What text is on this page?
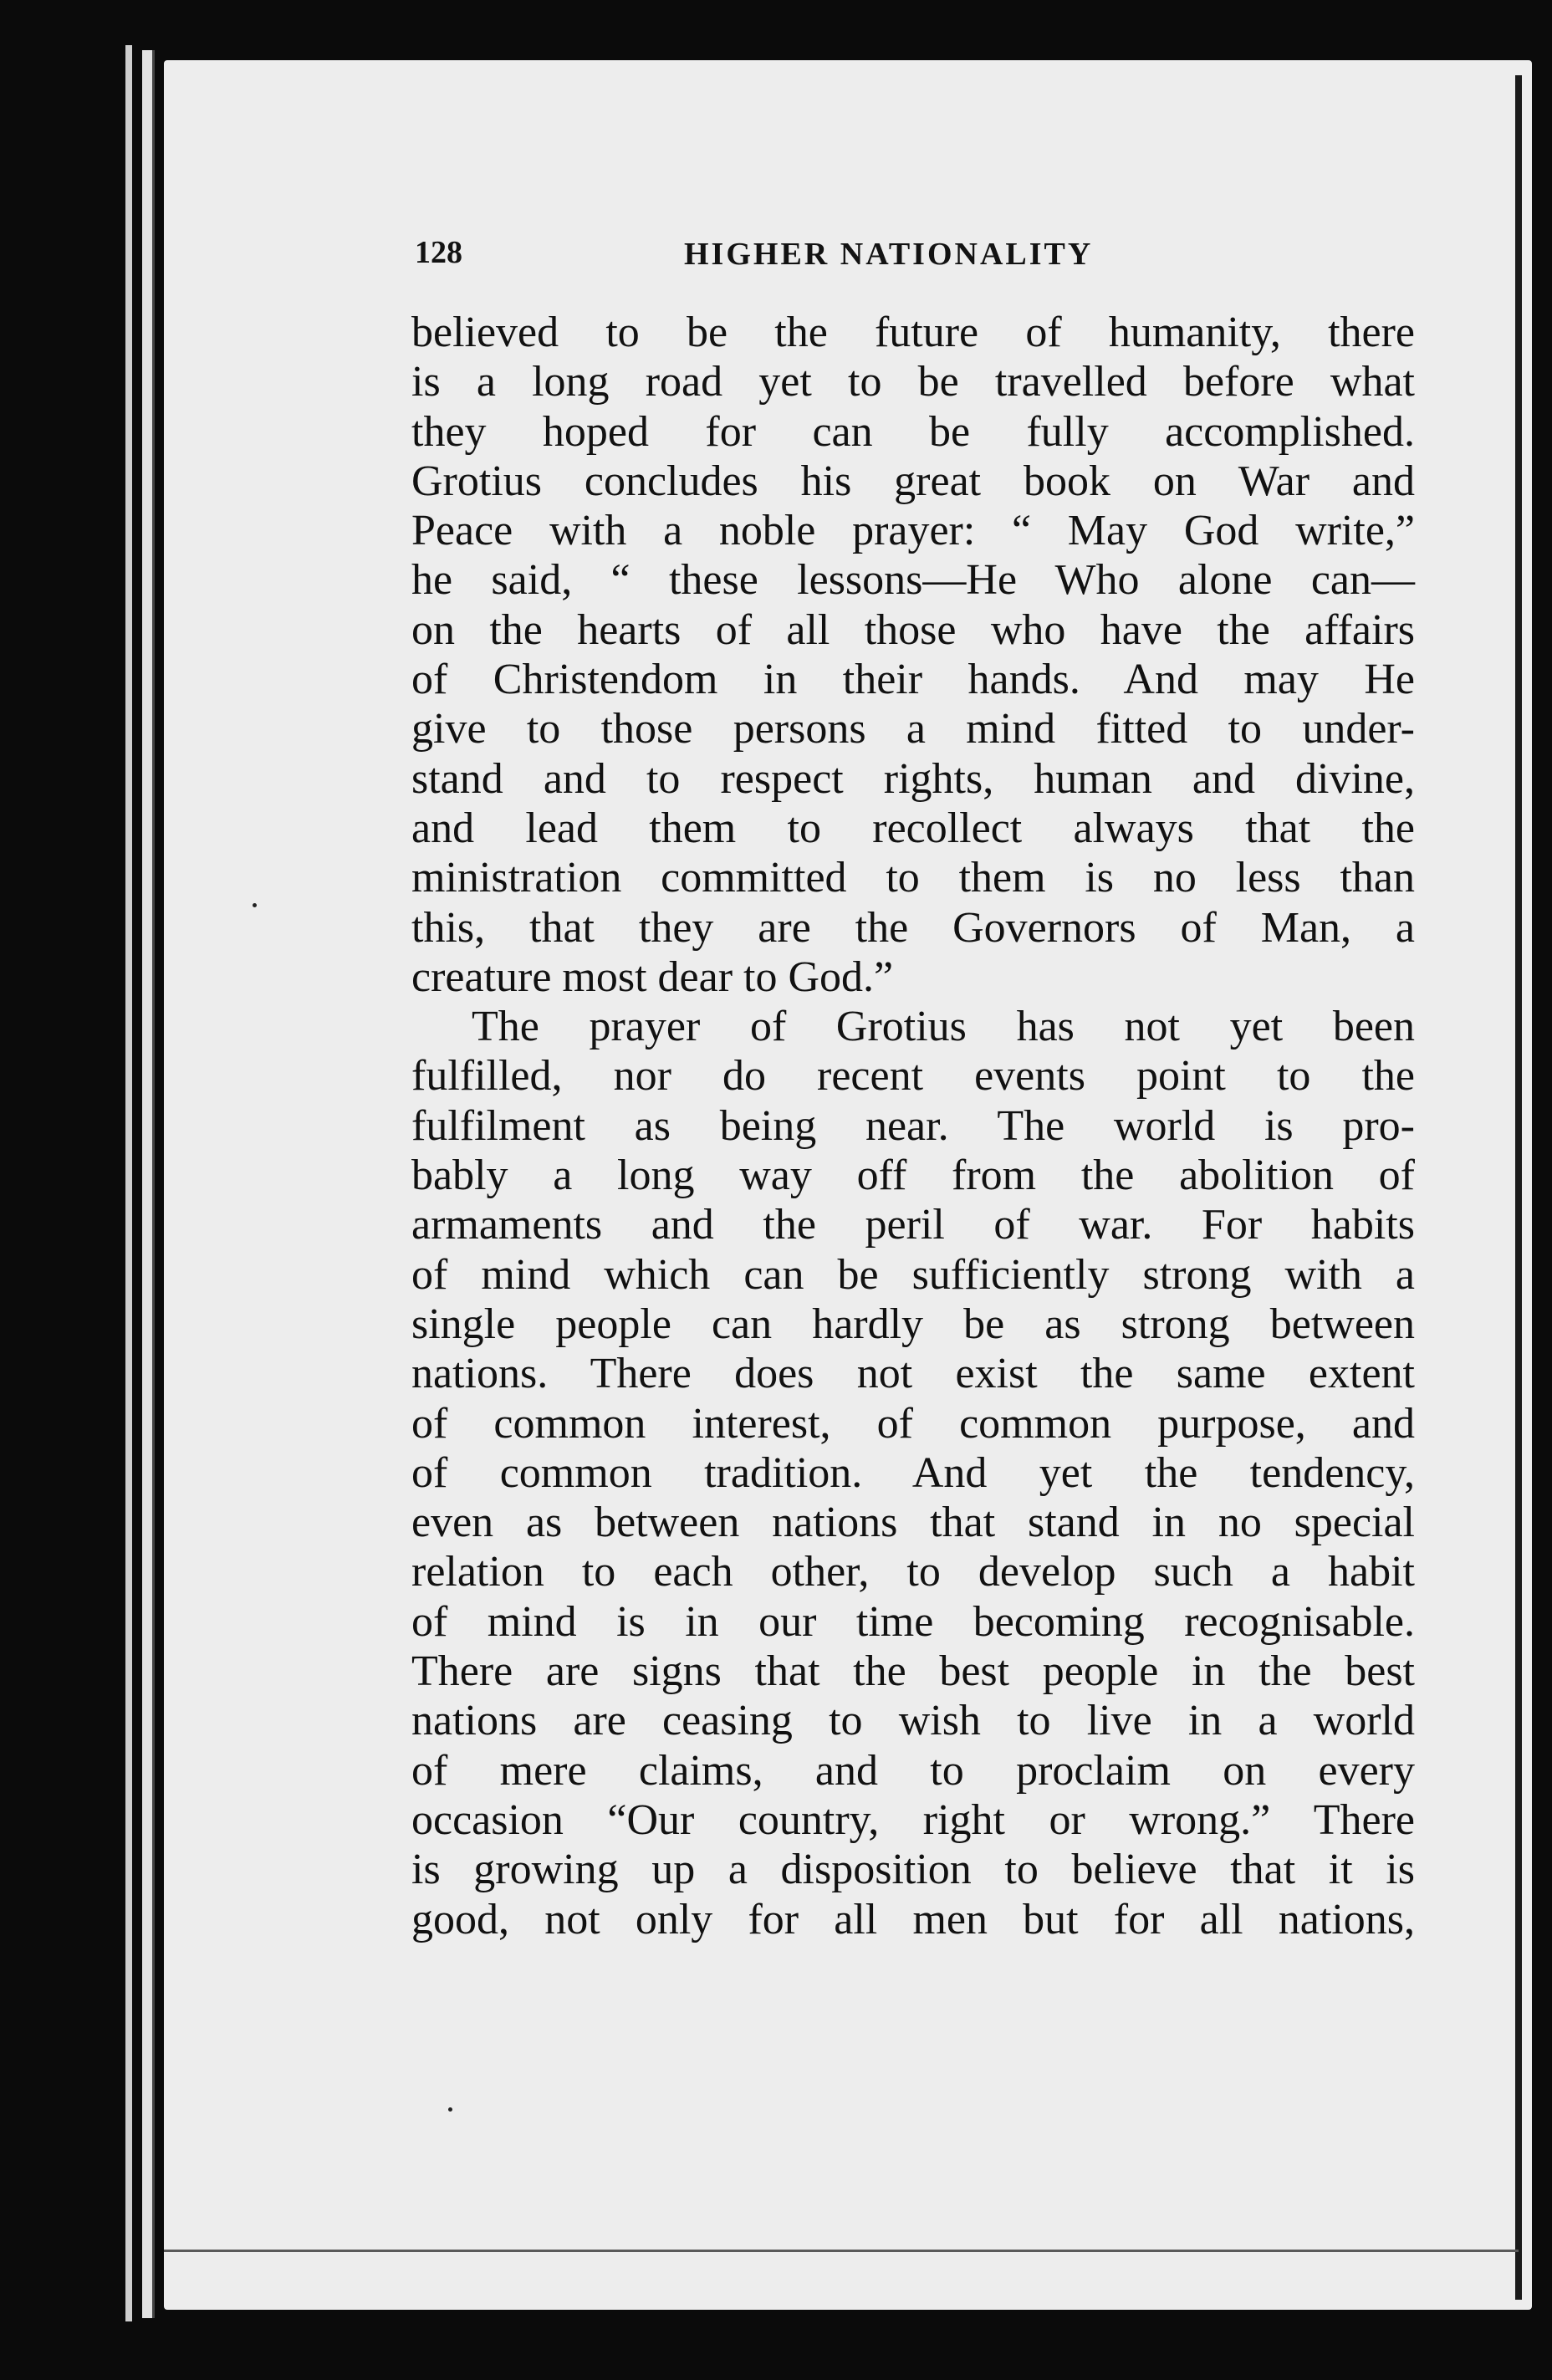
128	HIGHER NATIONALITY
believed to be the future of humanity, there
is a long road yet to be travelled before what
they hoped for can be fully accomplished.
Grotius concludes his great book on War and
Peace with a noble prayer: “ May God write,”
he said, “ these lessons—He Who alone can—
on the hearts of all those who have the affairs
of Christendom in their hands. And may He
give to those persons a mind fitted to under-
stand and to respect rights, human and divine,
and lead them to recollect always that the
ministration committed to them is no less than
this, that they are the Governors of Man, a
creature most dear to God.”
The prayer of Grotius has not yet been
fulfilled, nor do recent events point to the
fulfilment as being near. The world is pro-
bably a long way off from the abolition of
armaments and the peril of war. For habits
of mind which can be sufficiently strong with a
single people can hardly be as strong between
nations. There does not exist the same extent
of common interest, of common purpose, and
of common tradition. And yet the tendency,
even as between nations that stand in no special
relation to each other, to develop such a habit
of mind is in our time becoming recognisable.
There are signs that the best people in the best
nations are ceasing to wish to live in a world
of mere claims, and to proclaim on every
occasion “Our country, right or wrong.” There
is growing up a disposition to believe that it is
good, not only for all men but for all nations,
